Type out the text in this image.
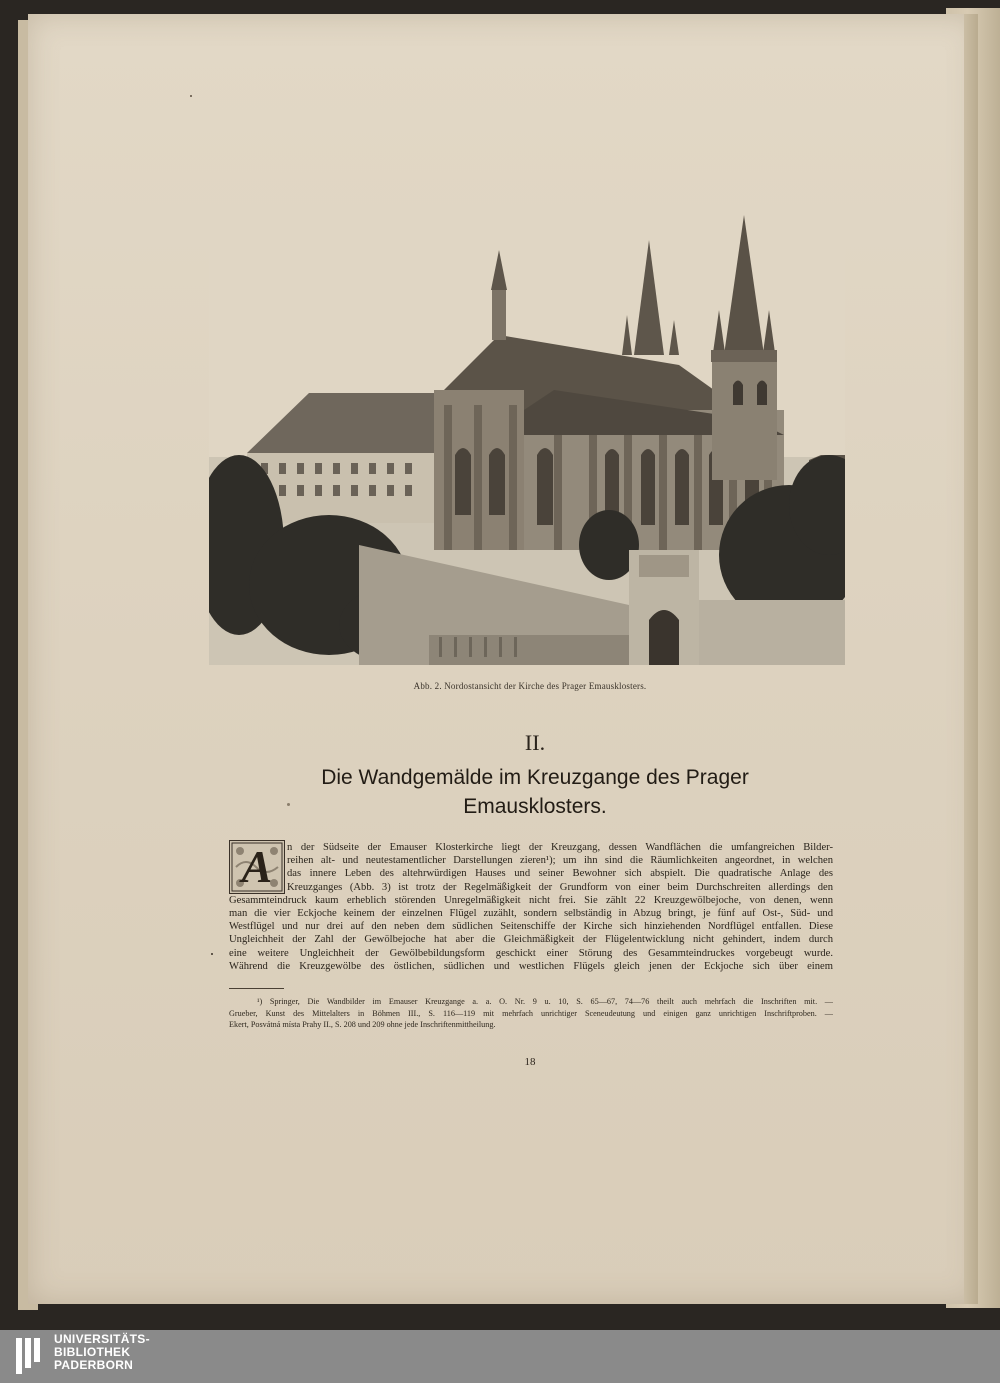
Abb. 2. Nordostansicht der Kirche des Prager Emausklosters.
II.
Die Wandgemälde im Kreuzgange des Prager
Emausklosters.
n der Südseite der Emauser Klosterkirche liegt der Kreuzgang, dessen Wandflächen die umfangreichen Bilder-
reihen alt- und neutestamentlicher Darstellungen zieren¹); um ihn sind die Räumlichkeiten angeordnet, in welchen
das innere Leben des altehrwürdigen Hauses und seiner Bewohner sich abspielt. Die quadratische Anlage des
Kreuzganges (Abb. 3) ist trotz der Regelmäßigkeit der Grundform von einer beim Durchschreiten allerdings den
Gesammteindruck kaum erheblich störenden Unregelmäßigkeit nicht frei. Sie zählt 22 Kreuzgewölbejoche, von denen, wenn
man die vier Eckjoche keinem der einzelnen Flügel zuzählt, sondern selbständig in Abzug bringt, je fünf auf Ost-, Süd- und
Westflügel und nur drei auf den neben dem südlichen Seitenschiffe der Kirche sich hinziehenden Nordflügel entfallen. Diese
Ungleichheit der Zahl der Gewölbejoche hat aber die Gleichmäßigkeit der Flügelentwicklung nicht gehindert, indem durch
eine weitere Ungleichheit der Gewölbebildungsform geschickt einer Störung des Gesammteindruckes vorgebeugt wurde.
Während die Kreuzgewölbe des östlichen, südlichen und westlichen Flügels gleich jenen der Eckjoche sich über einem
A
¹) Springer, Die Wandbilder im Emauser Kreuzgange a. a. O. Nr. 9 u. 10, S. 65—67, 74—76 theilt auch mehrfach die Inschriften mit. —
Grueber, Kunst des Mittelalters in Böhmen III., S. 116—119 mit mehrfach unrichtiger Sceneudeutung und einigen ganz unrichtigen Inschriftproben. —
Ekert, Posvátná místa Prahy II., S. 208 und 209 ohne jede Inschriftenmittheilung.
18
UNIVERSITÄTS-
BIBLIOTHEK
PADERBORN
